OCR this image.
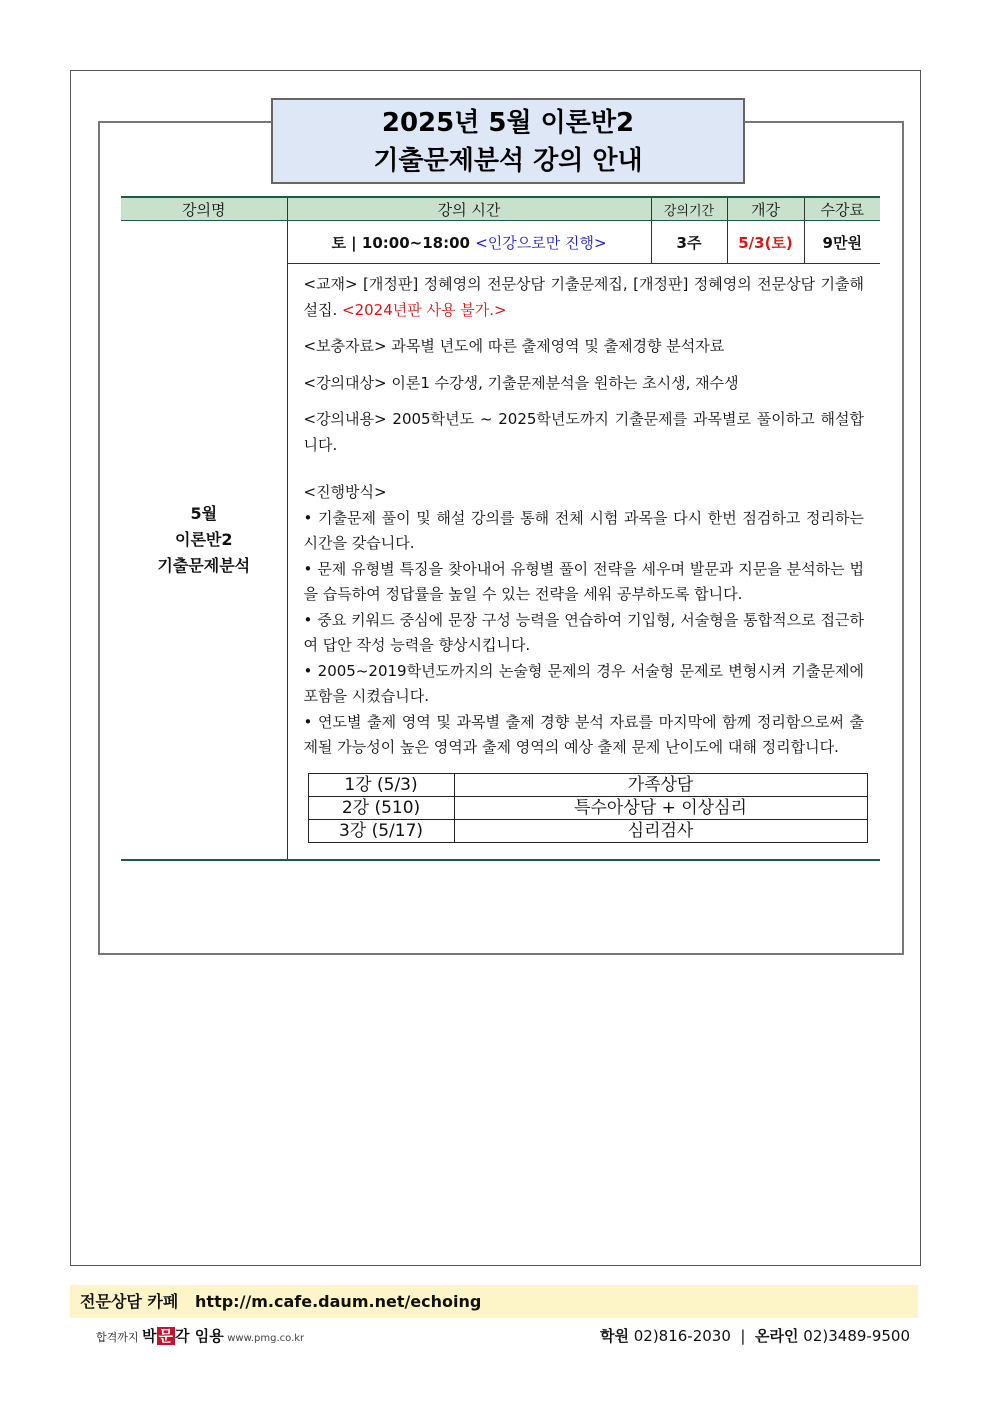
2025년 5월 이론반2
기출문제분석 강의 안내
강의명	강의 시간	강의기간	개강	수강료

5월
이론반2
기출문제분석
	토 | 10:00~18:00 <인강으로만 진행>	3주	5/3(토)	9만원

<교재> [개정판] 정혜영의 전문상담 기출문제집, [개정판] 정혜영의 전문상담 기출해설집. <2024년판 사용 불가.>

<보충자료> 과목별 년도에 따른 출제영역 및 출제경향 분석자료

<강의대상> 이론1 수강생, 기출문제분석을 원하는 초시생, 재수생

<강의내용> 2005학년도 ~ 2025학년도까지 기출문제를 과목별로 풀이하고 해설합니다.

<진행방식>

• 기출문제 풀이 및 해설 강의를 통해 전체 시험 과목을 다시 한번 점검하고 정리하는 시간을 갖습니다.

• 문제 유형별 특징을 찾아내어 유형별 풀이 전략을 세우며 발문과 지문을 분석하는 법을 습득하여 정답률을 높일 수 있는 전략을 세워 공부하도록 합니다.

• 중요 키워드 중심에 문장 구성 능력을 연습하여 기입형, 서술형을 통합적으로 접근하여 답안 작성 능력을 향상시킵니다.

• 2005~2019학년도까지의 논술형 문제의 경우 서술형 문제로 변형시켜 기출문제에 포함을 시켰습니다.

• 연도별 출제 영역 및 과목별 출제 경향 분석 자료를 마지막에 함께 정리함으로써 출제될 가능성이 높은 영역과 출제 영역의 예상 출제 문제 난이도에 대해 정리합니다.

1강 (5/3)	가족상담
2강 (510)	특수아상담 + 이상심리
3강 (5/17)	심리검사
전문상담 카페 http://m.cafe.daum.net/echoing
합격까지 박 문 각 임용 www.pmg.co.kr	학원 02)816-2030  |  온라인 02)3489-9500
